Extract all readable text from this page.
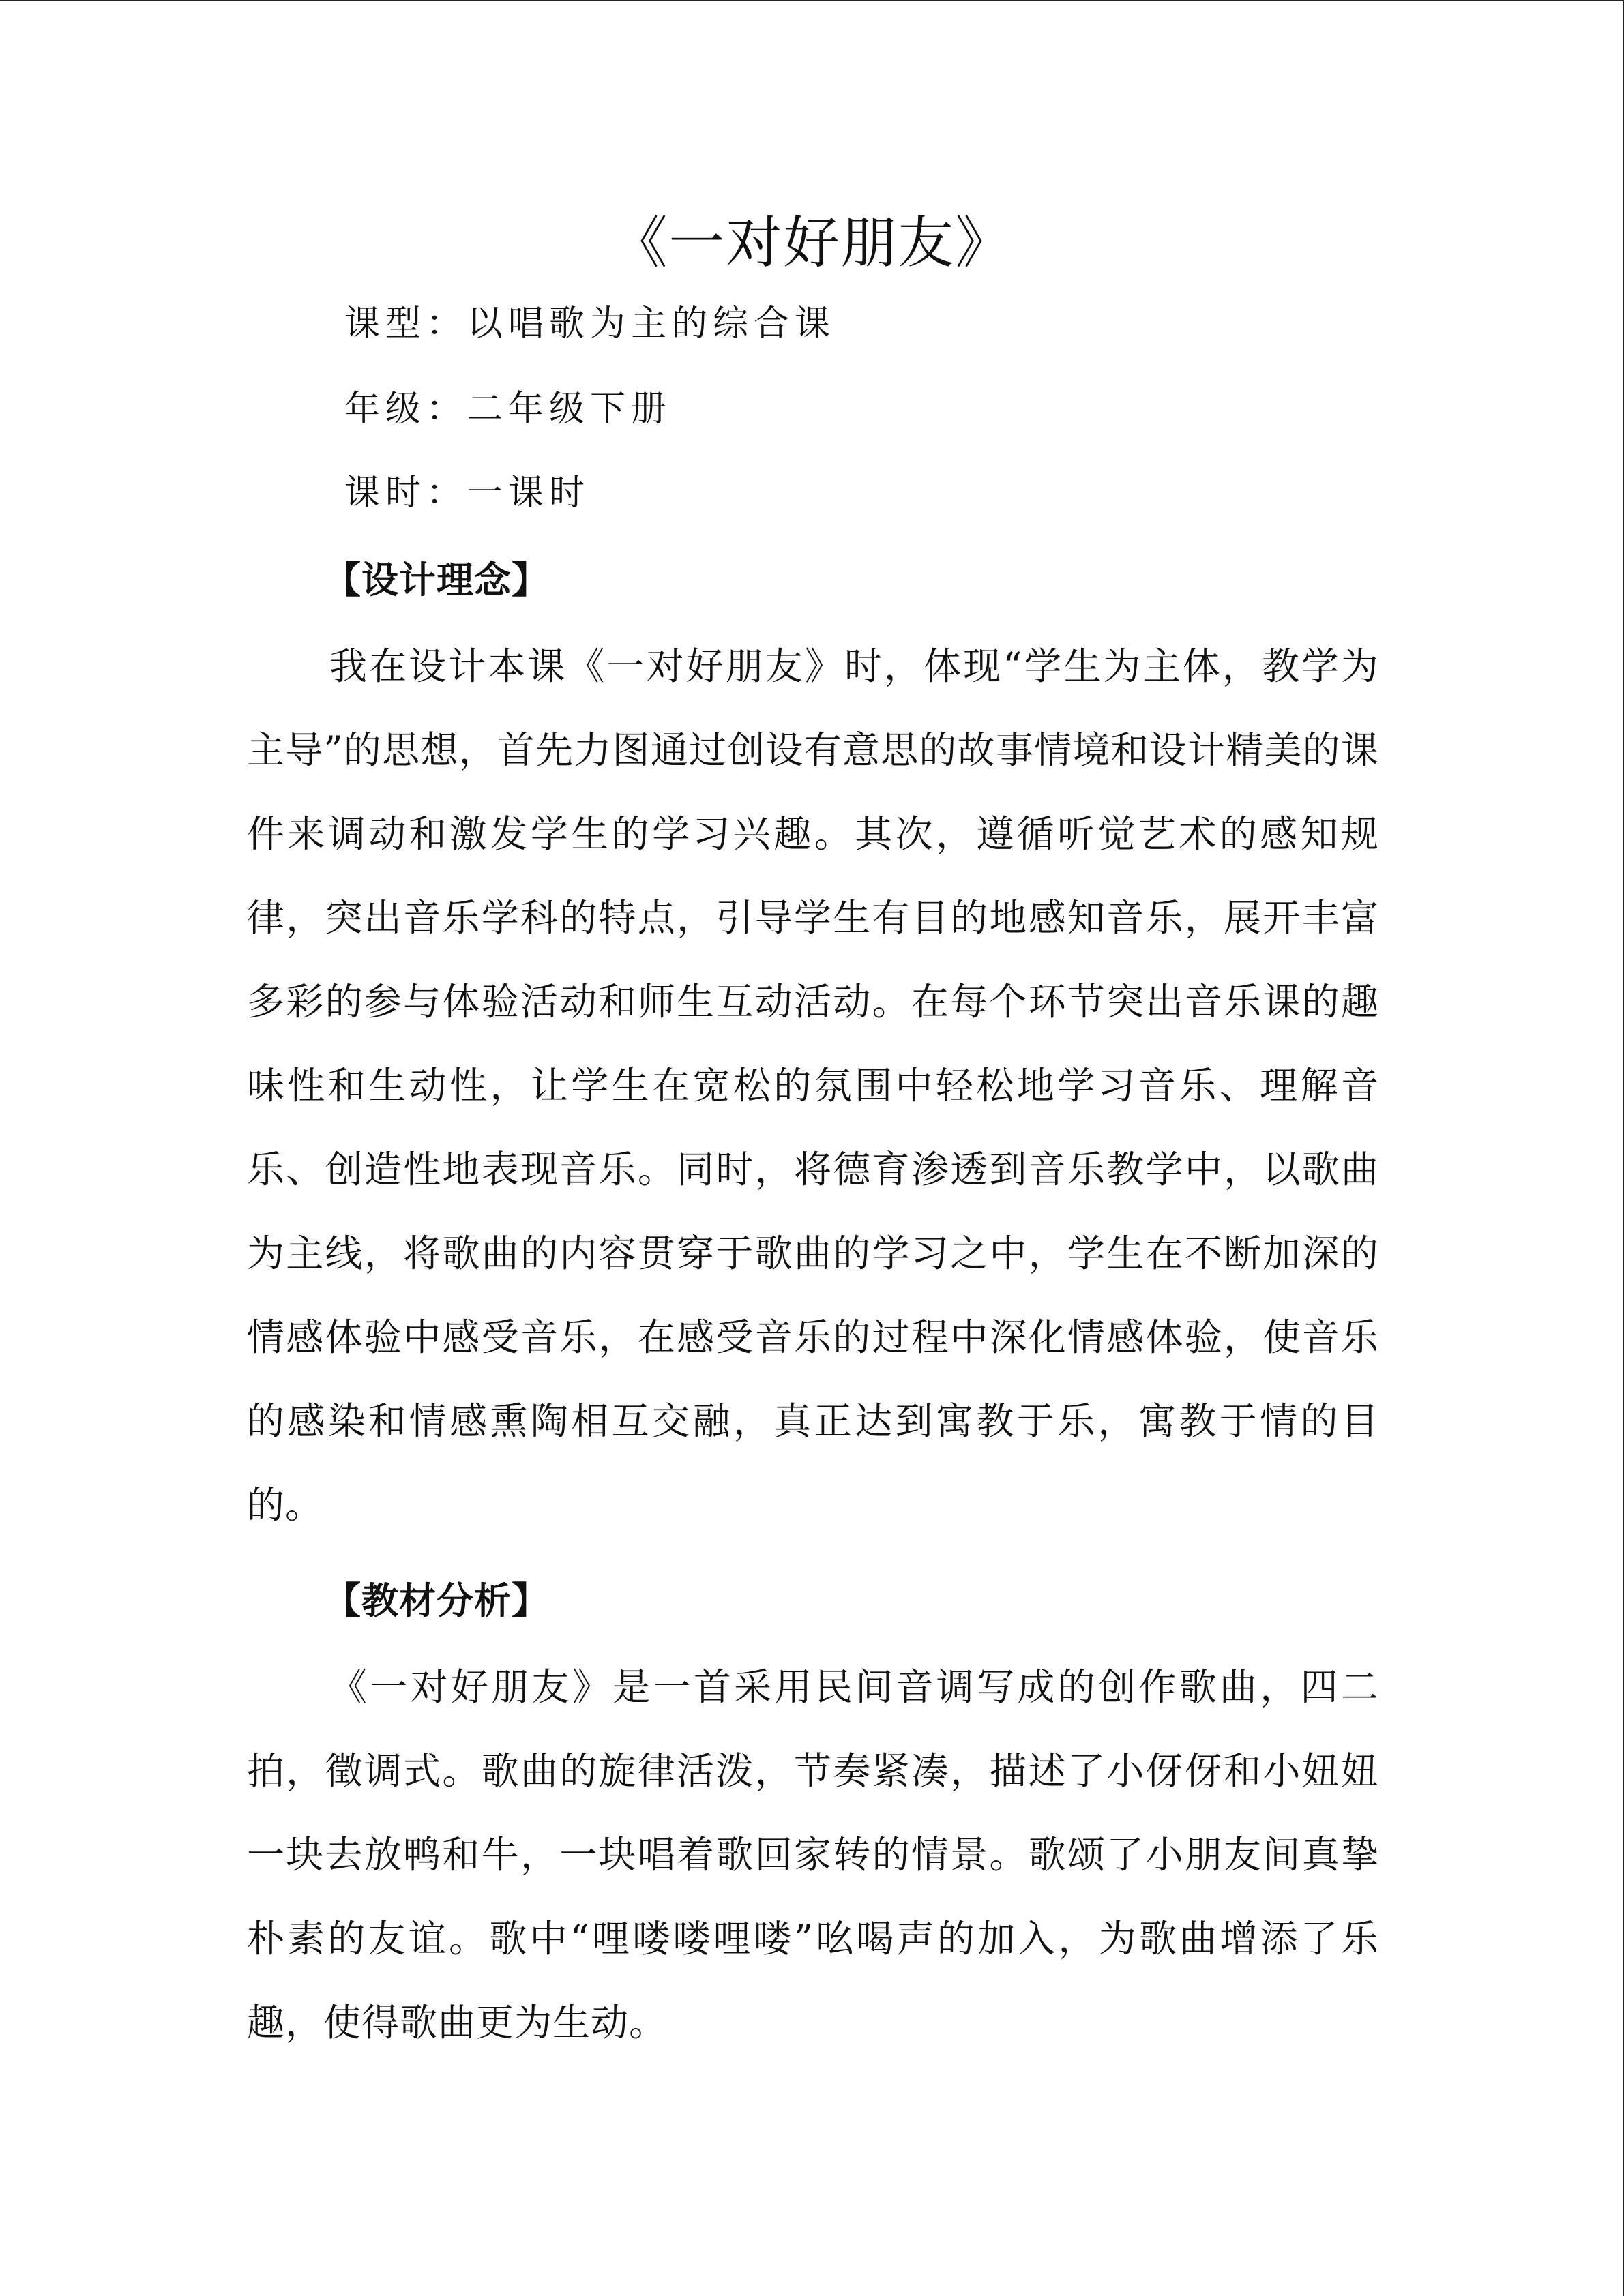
《一对好朋友》

课型：以唱歌为主的综合课

年级：二年级下册

课时：一课时

【设计理念】

我在设计本课《一对好朋友》时，体现“学生为主体，教学为主导”的思想，首先力图通过创设有意思的故事情境和设计精美的课件来调动和激发学生的学习兴趣。其次，遵循听觉艺术的感知规律，突出音乐学科的特点，引导学生有目的地感知音乐，展开丰富多彩的参与体验活动和师生互动活动。在每个环节突出音乐课的趣味性和生动性，让学生在宽松的氛围中轻松地学习音乐、理解音乐、创造性地表现音乐。同时，将德育渗透到音乐教学中，以歌曲为主线，将歌曲的内容贯穿于歌曲的学习之中，学生在不断加深的情感体验中感受音乐，在感受音乐的过程中深化情感体验，使音乐的感染和情感熏陶相互交融，真正达到寓教于乐，寓教于情的目的。

【教材分析】

《一对好朋友》是一首采用民间音调写成的创作歌曲，四二拍，徵调式。歌曲的旋律活泼，节奏紧凑，描述了小伢伢和小妞妞一块去放鸭和牛，一块唱着歌回家转的情景。歌颂了小朋友间真挚朴素的友谊。歌中“哩喽喽哩喽”吆喝声的加入，为歌曲增添了乐趣，使得歌曲更为生动。
